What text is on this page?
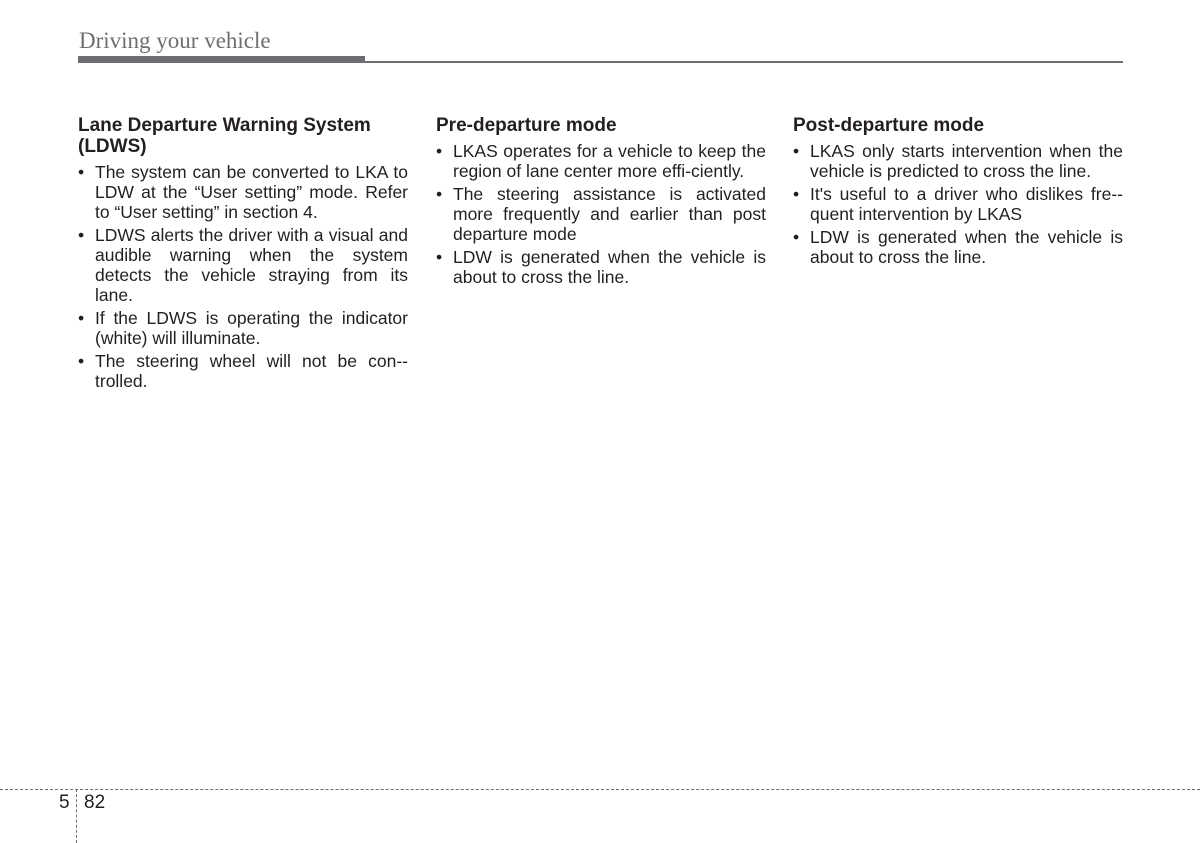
Driving your vehicle
Lane Departure Warning System
(LDWS)
• The system can be converted to LKA to LDW at the “User setting” mode. Refer to “User setting” in section 4.
• LDWS alerts the driver with a visual and audible warning when the system detects the vehicle straying from its lane.
• If the LDWS is operating the indicator (white) will illuminate.
• The steering wheel will not be con-trolled.
Pre-departure mode
• LKAS operates for a vehicle to keep the region of lane center more effi-ciently.
• The steering assistance is activated more frequently and earlier than post departure mode
• LDW is generated when the vehicle is about to cross the line.
Post-departure mode
• LKAS only starts intervention when the vehicle is predicted to cross the line.
• It's useful to a driver who dislikes fre-quent intervention by LKAS
• LDW is generated when the vehicle is about to cross the line.
5 82
